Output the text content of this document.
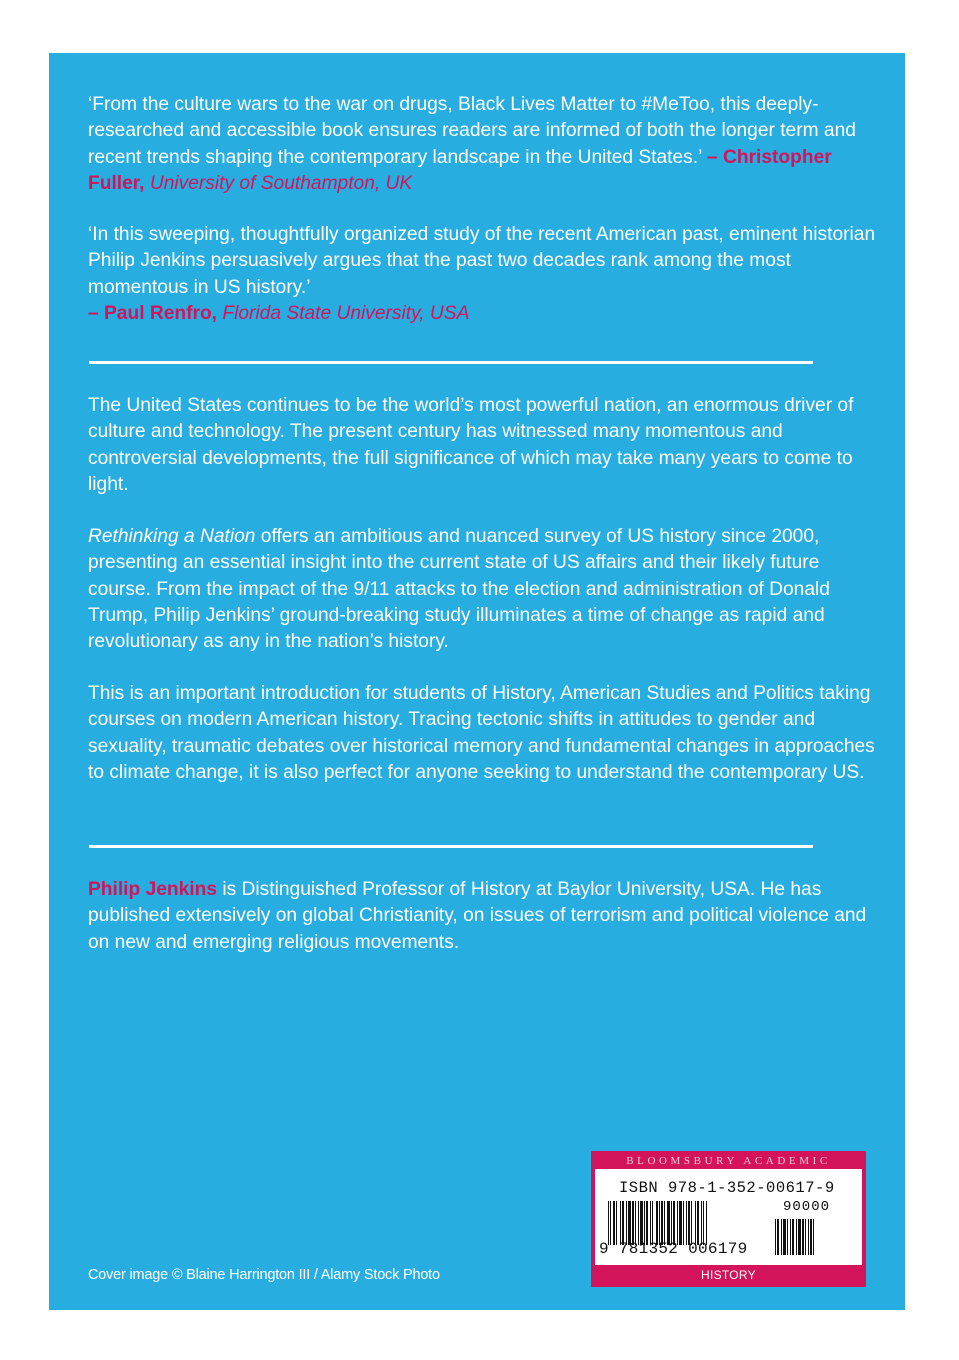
‘From the culture wars to the war on drugs, Black Lives Matter to #MeToo, this deeply-researched and accessible book ensures readers are informed of both the longer term and recent trends shaping the contemporary landscape in the United States.’ – Christopher Fuller, University of Southampton, UK

‘In this sweeping, thoughtfully organized study of the recent American past, eminent historian Philip Jenkins persuasively argues that the past two decades rank among the most momentous in US history.’
– Paul Renfro, Florida State University, USA

The United States continues to be the world’s most powerful nation, an enormous driver of culture and technology. The present century has witnessed many momentous and controversial developments, the full significance of which may take many years to come to light.

Rethinking a Nation offers an ambitious and nuanced survey of US history since 2000, presenting an essential insight into the current state of US affairs and their likely future course. From the impact of the 9/11 attacks to the election and administration of Donald Trump, Philip Jenkins’ ground-breaking study illuminates a time of change as rapid and revolutionary as any in the nation’s history.

This is an important introduction for students of History, American Studies and Politics taking courses on modern American history. Tracing tectonic shifts in attitudes to gender and sexuality, traumatic debates over historical memory and fundamental changes in approaches to climate change, it is also perfect for anyone seeking to understand the contemporary US.

Philip Jenkins is Distinguished Professor of History at Baylor University, USA. He has published extensively on global Christianity, on issues of terrorism and political violence and on new and emerging religious movements.

Cover image © Blaine Harrington III / Alamy Stock Photo
BLOOMSBURY ACADEMIC
ISBN 978-1-352-00617-9
90000
9 781352 006179
HISTORY
